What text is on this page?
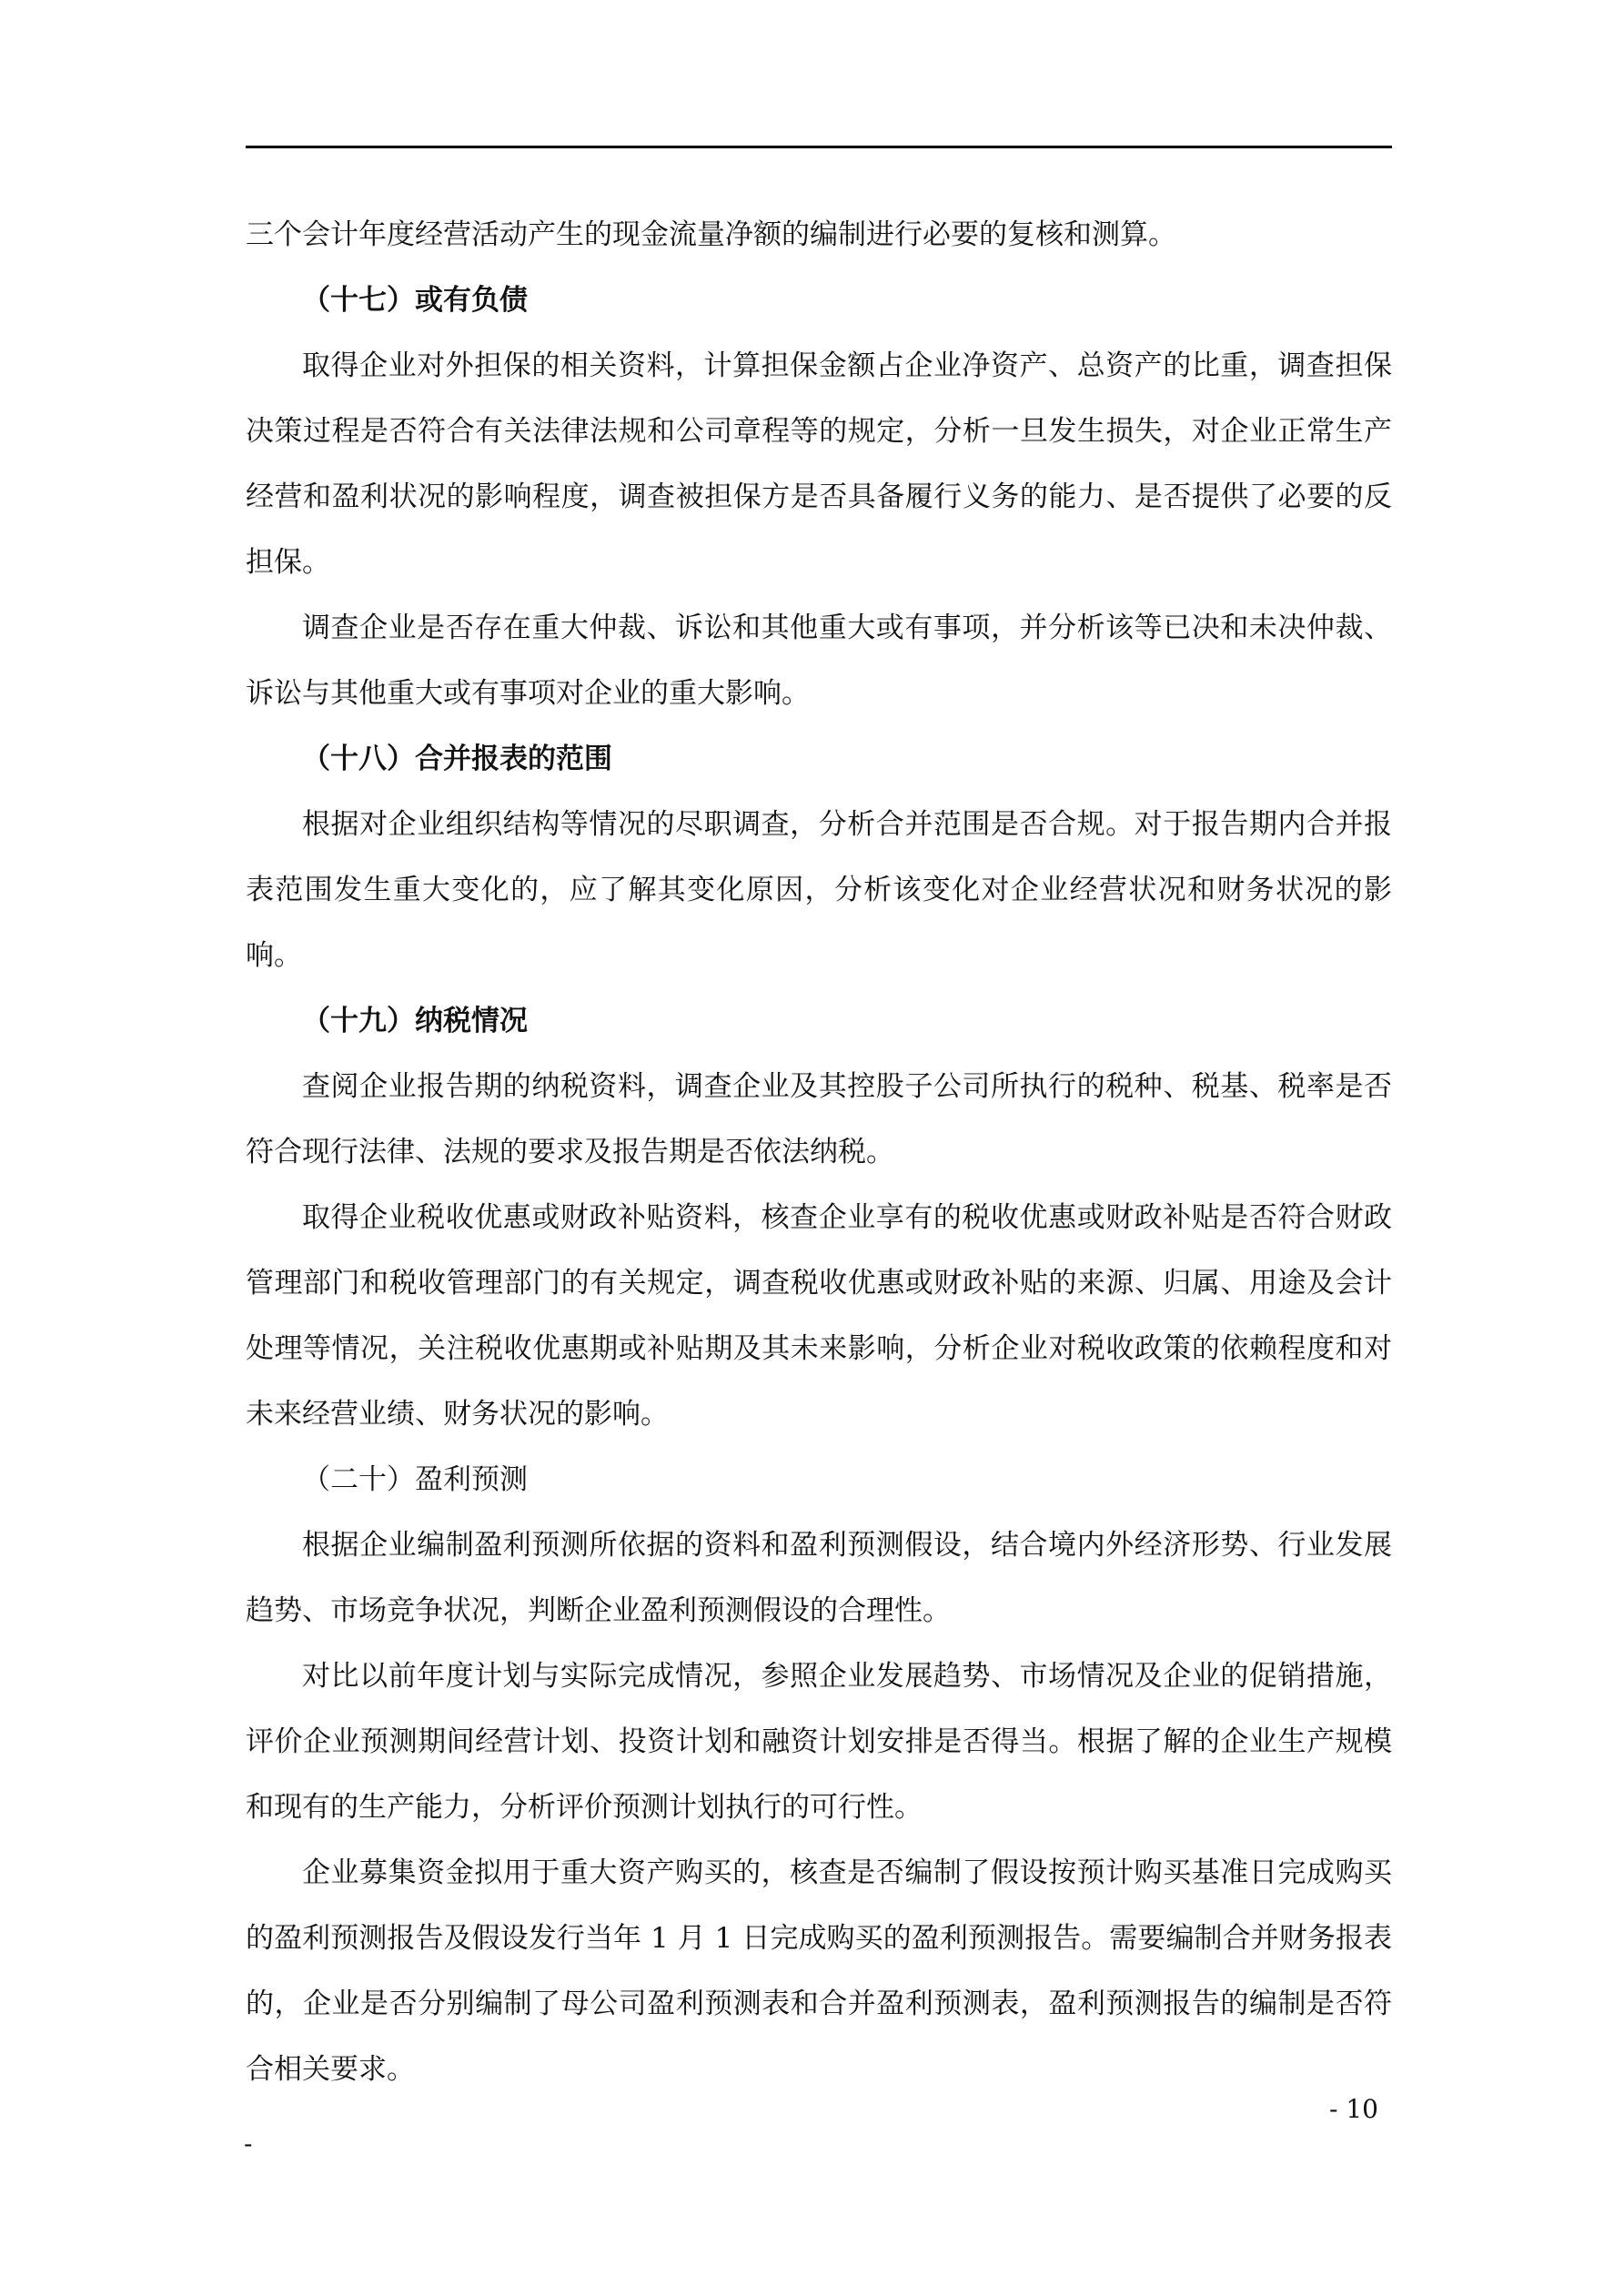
三个会计年度经营活动产生的现金流量净额的编制进行必要的复核和测算。

（十七）或有负债

取得企业对外担保的相关资料，计算担保金额占企业净资产、总资产的比重，调查担保决策过程是否符合有关法律法规和公司章程等的规定，分析一旦发生损失，对企业正常生产经营和盈利状况的影响程度，调查被担保方是否具备履行义务的能力、是否提供了必要的反担保。

调查企业是否存在重大仲裁、诉讼和其他重大或有事项，并分析该等已决和未决仲裁、诉讼与其他重大或有事项对企业的重大影响。

（十八）合并报表的范围

根据对企业组织结构等情况的尽职调查，分析合并范围是否合规。对于报告期内合并报表范围发生重大变化的，应了解其变化原因，分析该变化对企业经营状况和财务状况的影响。

（十九）纳税情况

查阅企业报告期的纳税资料，调查企业及其控股子公司所执行的税种、税基、税率是否符合现行法律、法规的要求及报告期是否依法纳税。

取得企业税收优惠或财政补贴资料，核查企业享有的税收优惠或财政补贴是否符合财政管理部门和税收管理部门的有关规定，调查税收优惠或财政补贴的来源、归属、用途及会计处理等情况，关注税收优惠期或补贴期及其未来影响，分析企业对税收政策的依赖程度和对未来经营业绩、财务状况的影响。

（二十）盈利预测

根据企业编制盈利预测所依据的资料和盈利预测假设，结合境内外经济形势、行业发展趋势、市场竞争状况，判断企业盈利预测假设的合理性。

对比以前年度计划与实际完成情况，参照企业发展趋势、市场情况及企业的促销措施，评价企业预测期间经营计划、投资计划和融资计划安排是否得当。根据了解的企业生产规模和现有的生产能力，分析评价预测计划执行的可行性。

企业募集资金拟用于重大资产购买的，核查是否编制了假设按预计购买基准日完成购买的盈利预测报告及假设发行当年 1 月 1 日完成购买的盈利预测报告。需要编制合并财务报表的，企业是否分别编制了母公司盈利预测表和合并盈利预测表，盈利预测报告的编制是否符合相关要求。

- 10
-
